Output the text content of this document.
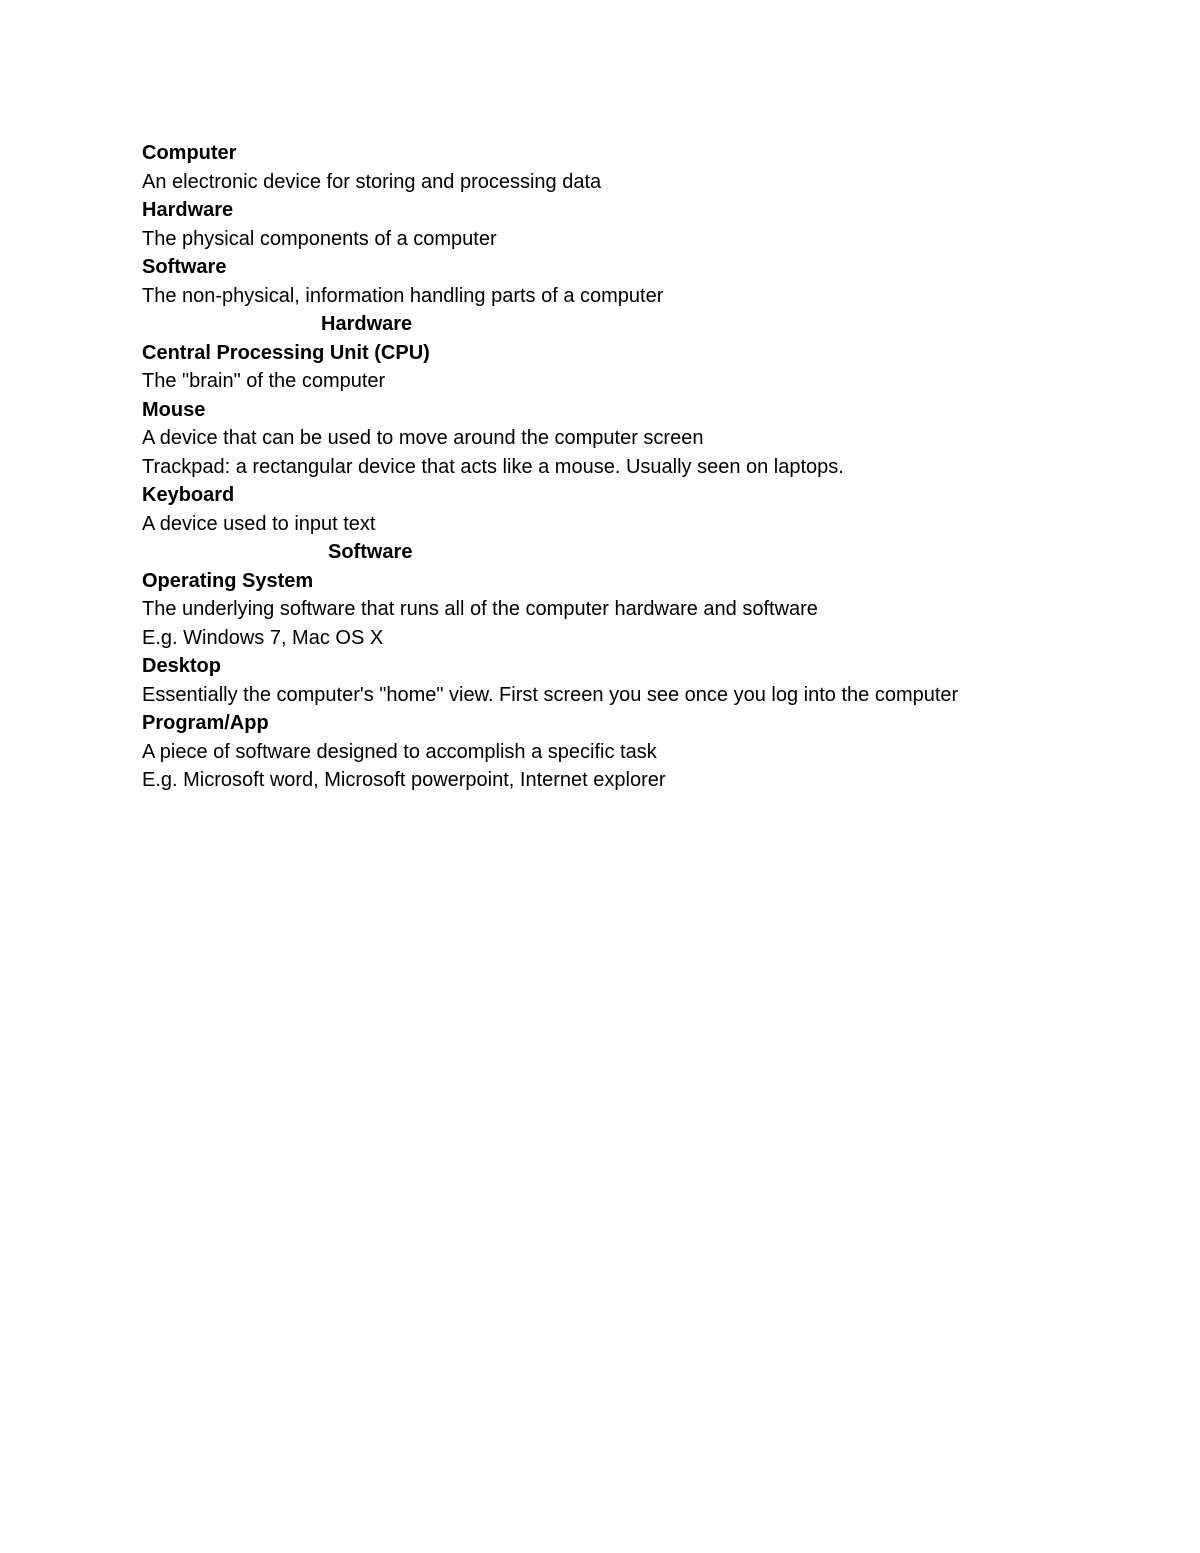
Computer
An electronic device for storing and processing data
Hardware
The physical components of a computer
Software
The non-physical, information handling parts of a computer
Hardware
Central Processing Unit (CPU)
The "brain" of the computer
Mouse
A device that can be used to move around the computer screen
Trackpad: a rectangular device that acts like a mouse. Usually seen on laptops.
Keyboard
A device used to input text
Software
Operating System
The underlying software that runs all of the computer hardware and software
E.g. Windows 7, Mac OS X
Desktop
Essentially the computer's "home" view. First screen you see once you log into the computer
Program/App
A piece of software designed to accomplish a specific task
E.g. Microsoft word, Microsoft powerpoint, Internet explorer
